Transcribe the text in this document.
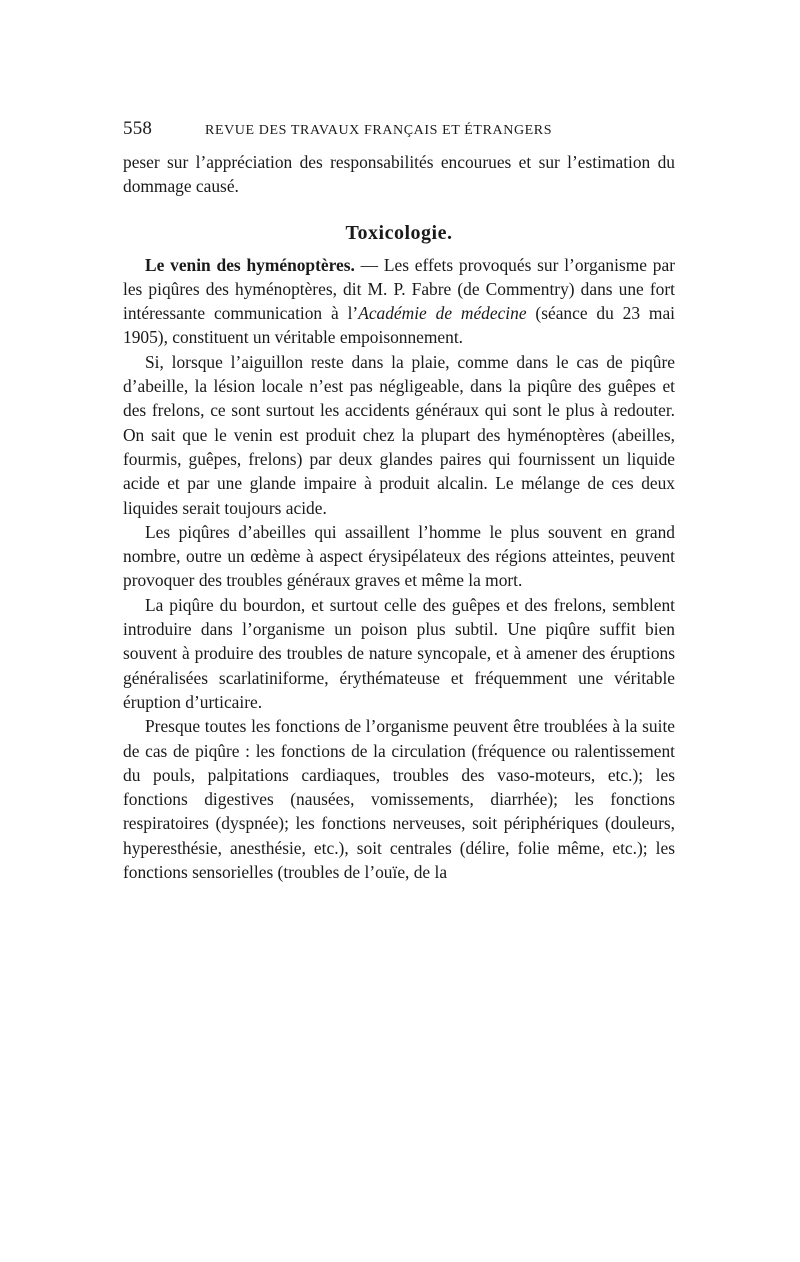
558	REVUE DES TRAVAUX FRANÇAIS ET ÉTRANGERS

peser sur l’appréciation des responsabilités encourues et sur l’estimation du dommage causé.

Toxicologie.

Le venin des hyménoptères. — Les effets provoqués sur l’organisme par les piqûres des hyménoptères, dit M. P. Fabre (de Commentry) dans une fort intéressante communication à l’Académie de médecine (séance du 23 mai 1905), constituent un véritable empoisonnement.

Si, lorsque l’aiguillon reste dans la plaie, comme dans le cas de piqûre d’abeille, la lésion locale n’est pas négligeable, dans la piqûre des guêpes et des frelons, ce sont surtout les accidents généraux qui sont le plus à redouter. On sait que le venin est produit chez la plupart des hyménoptères (abeilles, fourmis, guêpes, frelons) par deux glandes paires qui fournissent un liquide acide et par une glande impaire à produit alcalin. Le mélange de ces deux liquides serait toujours acide.

Les piqûres d’abeilles qui assaillent l’homme le plus souvent en grand nombre, outre un œdème à aspect érysipélateux des régions atteintes, peuvent provoquer des troubles généraux graves et même la mort.

La piqûre du bourdon, et surtout celle des guêpes et des frelons, semblent introduire dans l’organisme un poison plus subtil. Une piqûre suffit bien souvent à produire des troubles de nature syncopale, et à amener des éruptions généralisées scarlatiniforme, érythémateuse et fréquemment une véritable éruption d’urticaire.

Presque toutes les fonctions de l’organisme peuvent être troublées à la suite de cas de piqûre : les fonctions de la circulation (fréquence ou ralentissement du pouls, palpitations cardiaques, troubles des vaso-moteurs, etc.); les fonctions digestives (nausées, vomissements, diarrhée); les fonctions respiratoires (dyspnée); les fonctions nerveuses, soit périphériques (douleurs, hyperesthésie, anesthésie, etc.), soit centrales (délire, folie même, etc.); les fonctions sensorielles (troubles de l’ouïe, de la
